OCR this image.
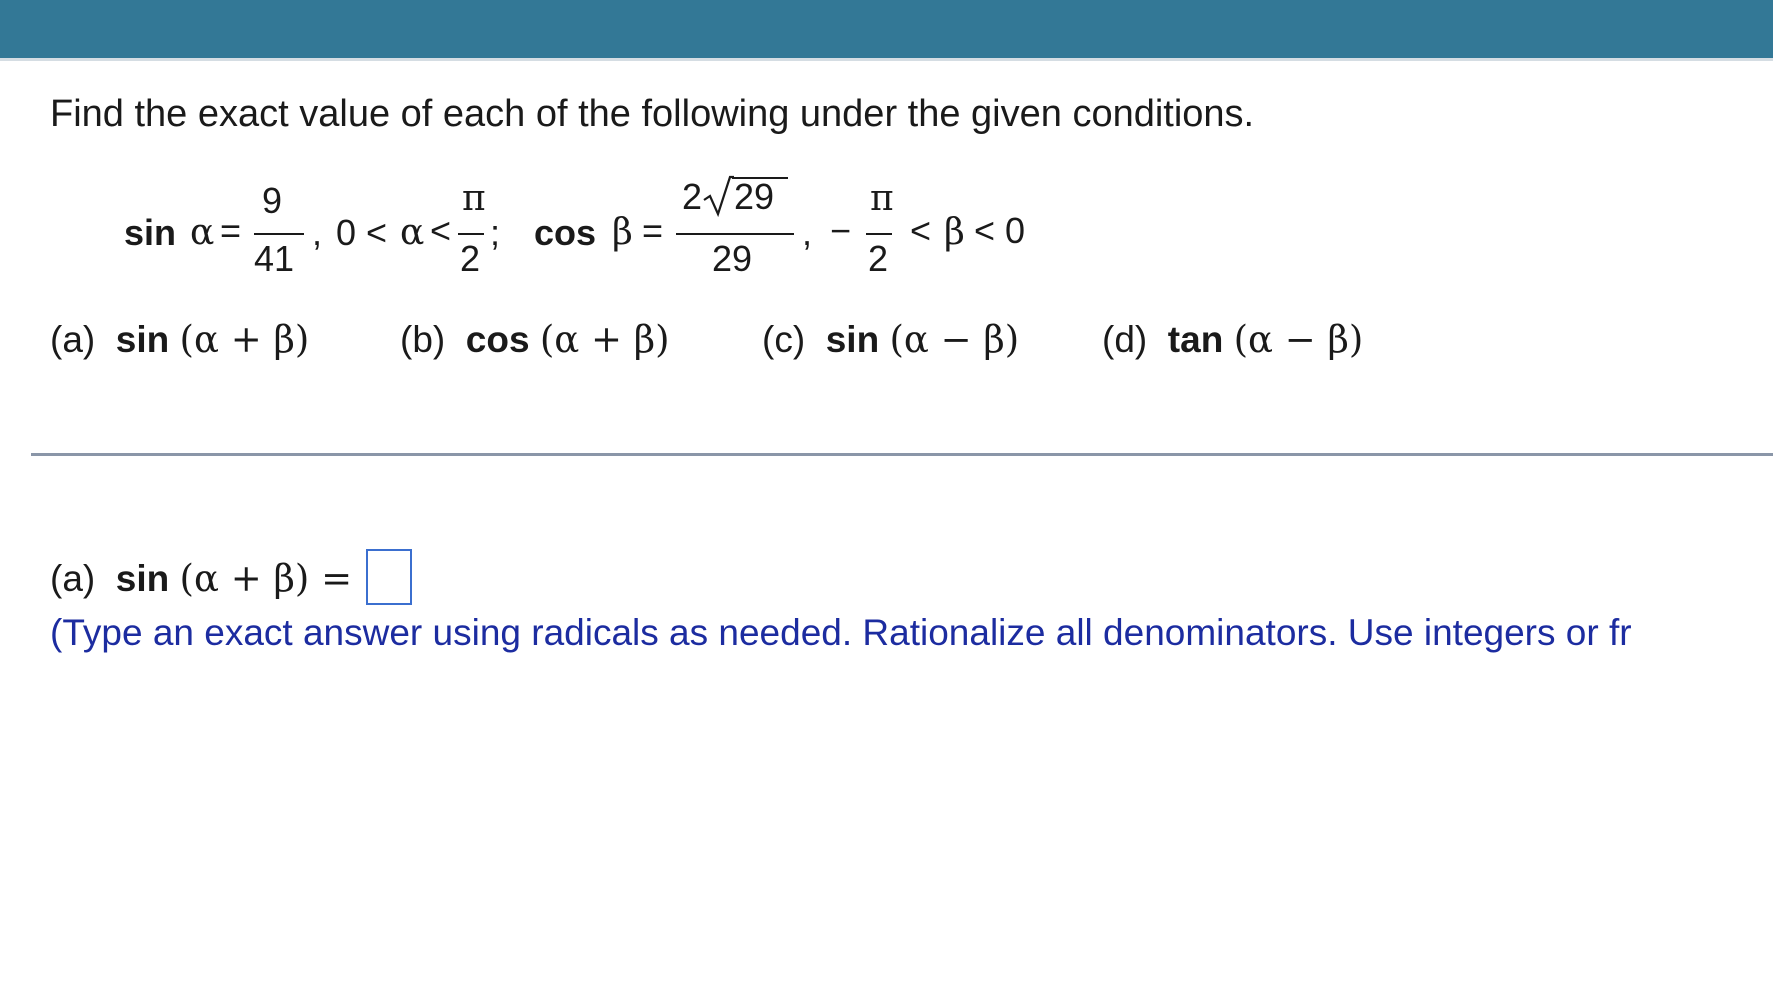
Find the exact value of each of the following under the given conditions.
sin α =
9
41
, 0 < α <
π
2
; cos β =
2 29
29
, −
π
2
< β < 0
(a) sin (α + β) (b) cos (α + β) (c) sin (α − β) (d) tan (α − β)
(a) sin (α + β) =
(Type an exact answer using radicals as needed. Rationalize all denominators. Use integers or fr
